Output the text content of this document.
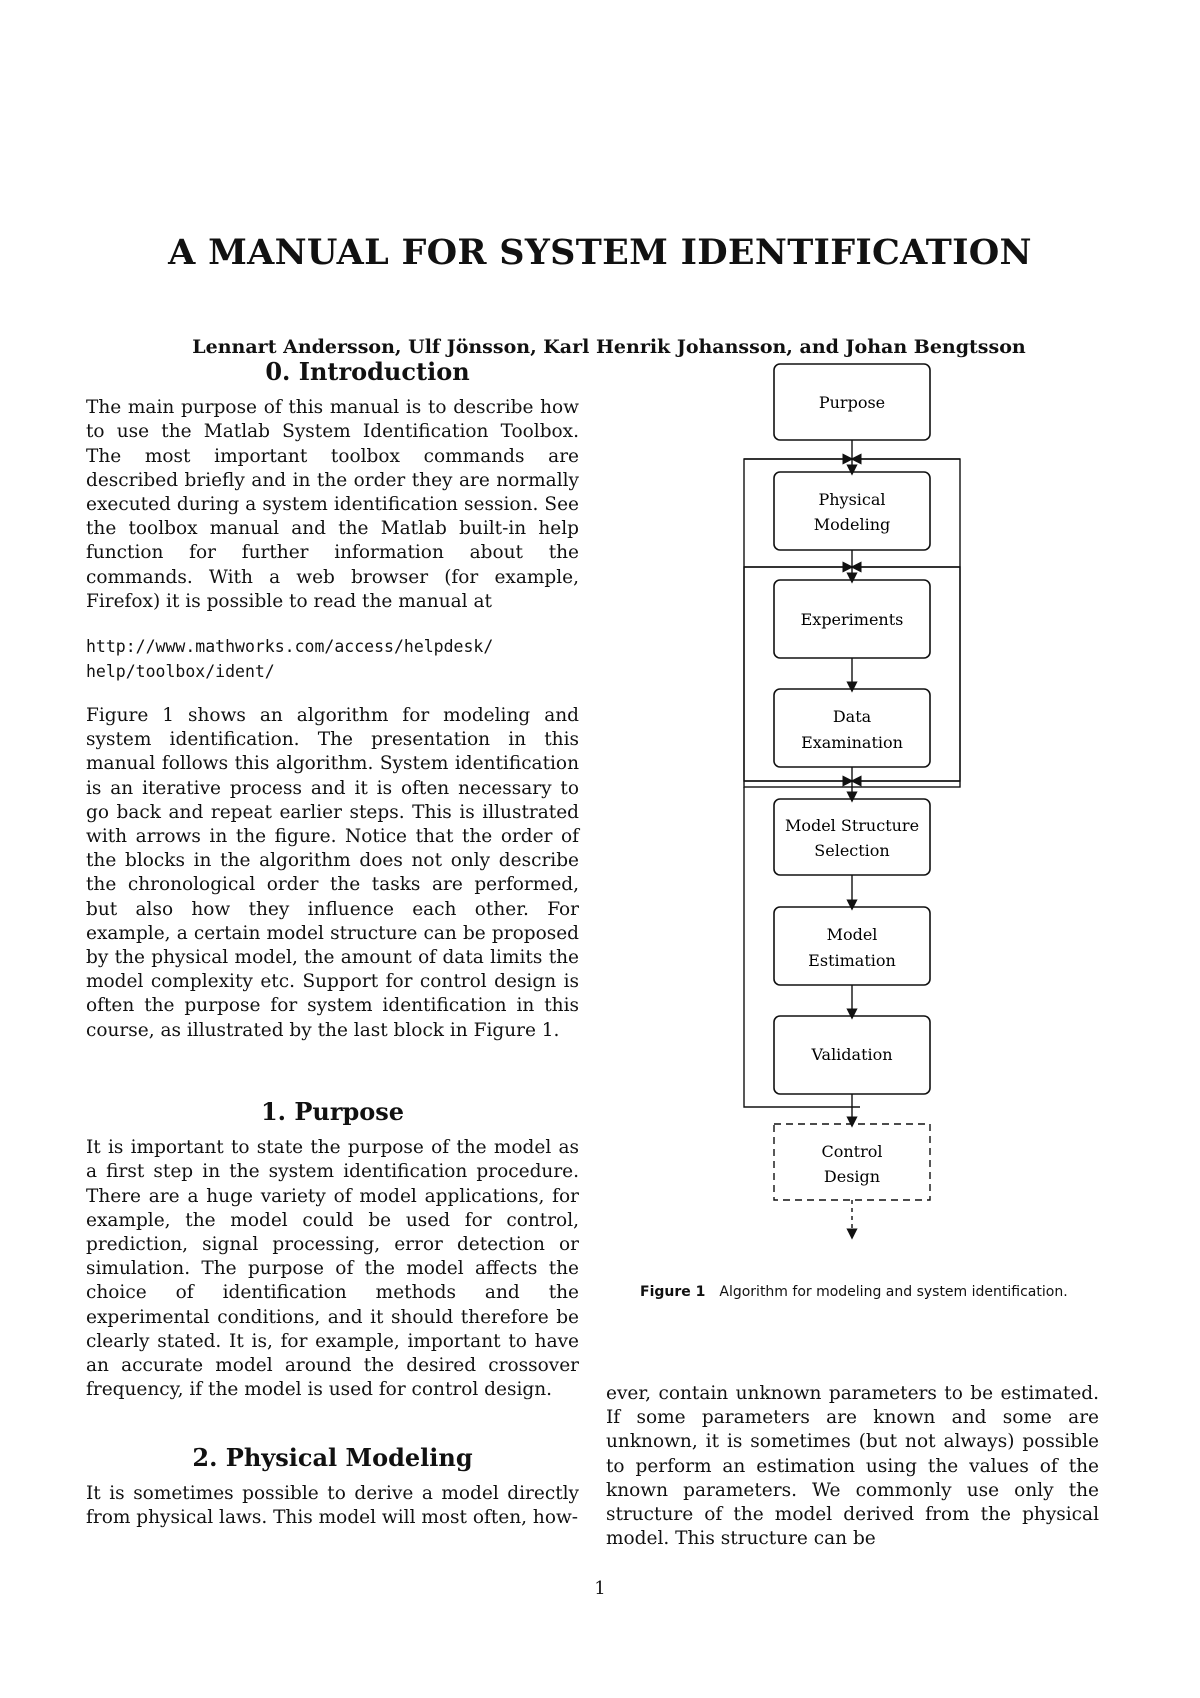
A MANUAL FOR SYSTEM IDENTIFICATION
Lennart Andersson, Ulf Jönsson, Karl Henrik Johansson, and Johan Bengtsson
0. Introduction

The main purpose of this manual is to describe how to use the Matlab System Identification Toolbox. The most important toolbox commands are described briefly and in the order they are normally executed during a system identification session. See the toolbox manual and the Matlab built-in help function for further information about the commands. With a web browser (for example, Firefox) it is possible to read the manual at

http://www.mathworks.com/access/helpdesk/

help/toolbox/ident/

Figure 1 shows an algorithm for modeling and system identification. The presentation in this manual follows this algorithm. System identification is an iterative process and it is often necessary to go back and repeat earlier steps. This is illustrated with arrows in the figure. Notice that the order of the blocks in the algorithm does not only describe the chronological order the tasks are performed, but also how they influence each other. For example, a certain model structure can be proposed by the physical model, the amount of data limits the model complexity etc. Support for control design is often the purpose for system identification in this course, as illustrated by the last block in Figure 1.

1. Purpose

It is important to state the purpose of the model as a first step in the system identification procedure. There are a huge variety of model applications, for example, the model could be used for control, prediction, signal processing, error detection or simulation. The purpose of the model affects the choice of identification methods and the experimental conditions, and it should therefore be clearly stated. It is, for example, important to have an accurate model around the desired crossover frequency, if the model is used for control design.

2. Physical Modeling

It is sometimes possible to derive a model directly from physical laws. This model will most often, how-

ever, contain unknown parameters to be estimated. If some parameters are known and some are unknown, it is sometimes (but not always) possible to perform an estimation using the values of the known parameters. We commonly use only the structure of the model derived from the physical model. This structure can be

Purpose
Physical
Modeling
Experiments
Data
Examination
Model Structure
Selection
Model
Estimation
Validation
Control
Design
Figure 1 Algorithm for modeling and system identification.
1
